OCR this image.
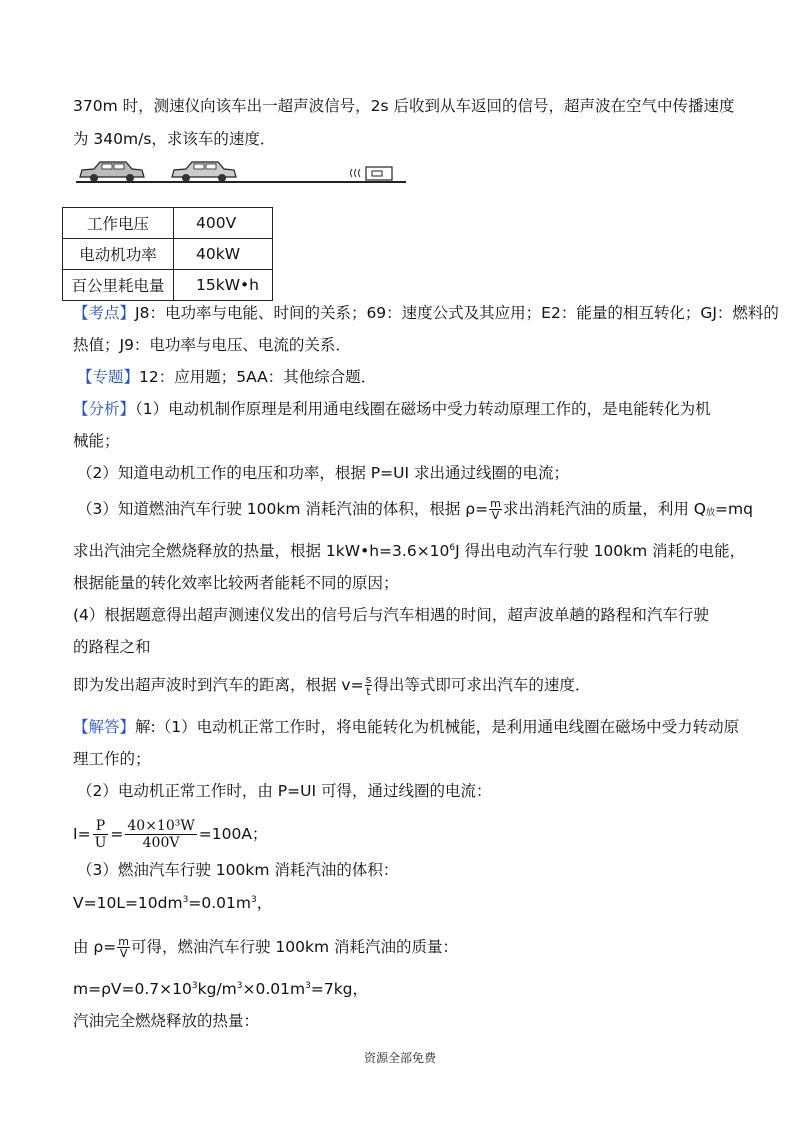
370m 时，测速仪向该车出一超声波信号，2s 后收到从车返回的信号，超声波在空气中传播速度
为 340m/s，求该车的速度．
工作电压	400V
电动机功率	40kW
百公里耗电量	15kW•h
【考点】J8：电功率与电能、时间的关系；69：速度公式及其应用；E2：能量的相互转化；GJ：燃料的
热值；J9：电功率与电压、电流的关系．
【专题】12：应用题；5AA：其他综合题．
【分析】（1）电动机制作原理是利用通电线圈在磁场中受力转动原理工作的，是电能转化为机
械能；
（2）知道电动机工作的电压和功率，根据 P=UI 求出通过线圈的电流；
（3）知道燃油汽车行驶 100km 消耗汽油的体积，根据 $\rho= \frac{m}{V}$ 求出消耗汽油的质量，利用 Q放=mq
求出汽油完全燃烧释放的热量，根据 $1kW•h=3.6\times 10^6J$ 得出电动汽车行驶 100km 消耗的电能，
根据能量的转化效率比较两者能耗不同的原因；
(4）根据题意得出超声测速仪发出的信号后与汽车相遇的时间，超声波单趟的路程和汽车行驶
的路程之和
即为发出超声波时到汽车的距离，根据 $v= \frac{s}{t}$ 得出等式即可求出汽车的速度．
【解答】解:（1）电动机正常工作时，将电能转化为机械能，是利用通电线圈在磁场中受力转动原
理工作的；
（2）电动机正常工作时，由 P=UI 可得，通过线圈的电流：
$I= \frac{P}{U} = \frac{\text{40×10³W}}{400V} =100A$；
（3）燃油汽车行驶 100km 消耗汽油的体积：
$V=10L=10dm^3=0.01m^3$，
由 $\rho= \frac{m}{V}$ 可得，燃油汽车行驶 100km 消耗汽油的质量：
$m=\rho V=0.7\times 10^3kg/m^3\times 0.01m^3=7kg$，
汽油完全燃烧释放的热量：
资源全部免费
